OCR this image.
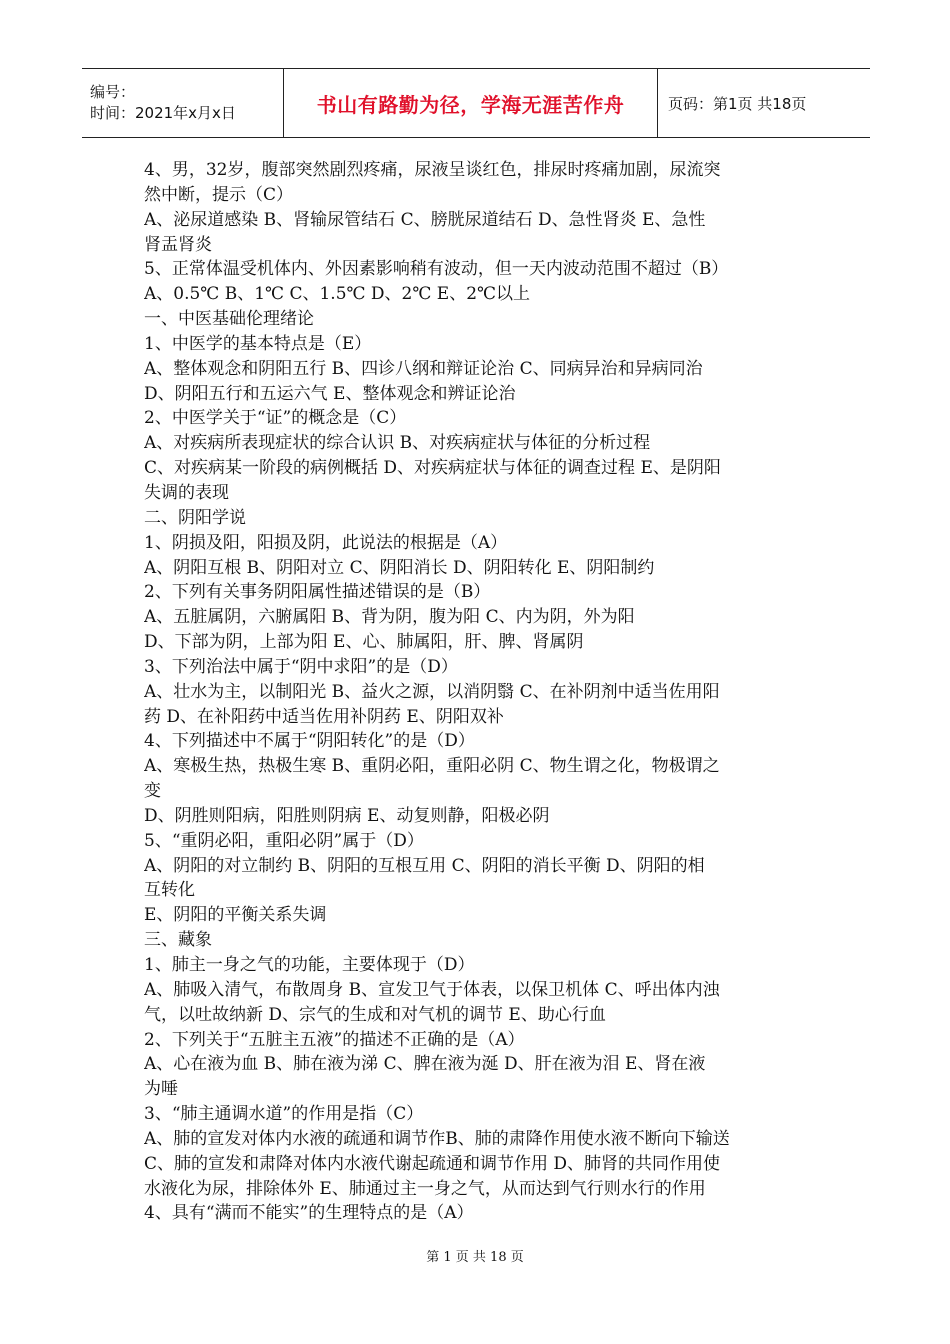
编号：
时间：2021年x月x日	书山有路勤为径，学海无涯苦作舟	页码：第1页 共18页
4、男，32岁，腹部突然剧烈疼痛，尿液呈谈红色，排尿时疼痛加剧，尿流突
然中断，提示（C）
A、泌尿道感染 B、肾输尿管结石 C、膀胱尿道结石 D、急性肾炎 E、急性
肾盂肾炎
5、正常体温受机体内、外因素影响稍有波动，但一天内波动范围不超过（B）
A、0.5℃ B、1℃ C、1.5℃ D、2℃ E、2℃以上
一、中医基础伦理绪论
1、中医学的基本特点是（E）
A、整体观念和阴阳五行 B、四诊八纲和辩证论治 C、同病异治和异病同治
D、阴阳五行和五运六气 E、整体观念和辨证论治
2、中医学关于“证”的概念是（C）
A、对疾病所表现症状的综合认识 B、对疾病症状与体征的分析过程
C、对疾病某一阶段的病例概括 D、对疾病症状与体征的调查过程 E、是阴阳
失调的表现
二、阴阳学说
1、阴损及阳，阳损及阴，此说法的根据是（A）
A、阴阳互根 B、阴阳对立 C、阴阳消长 D、阴阳转化 E、阴阳制约
2、下列有关事务阴阳属性描述错误的是（B）
A、五脏属阴，六腑属阳 B、背为阴，腹为阳 C、内为阴，外为阳
D、下部为阴，上部为阳 E、心、肺属阳，肝、脾、肾属阴
3、下列治法中属于“阴中求阳”的是（D）
A、壮水为主，以制阳光 B、益火之源，以消阴翳 C、在补阴剂中适当佐用阳
药 D、在补阳药中适当佐用补阴药 E、阴阳双补
4、下列描述中不属于“阴阳转化”的是（D）
A、寒极生热，热极生寒 B、重阴必阳，重阳必阴 C、物生谓之化，物极谓之
变
D、阴胜则阳病，阳胜则阴病 E、动复则静，阳极必阴
5、“重阴必阳，重阳必阴”属于（D）
A、阴阳的对立制约 B、阴阳的互根互用 C、阴阳的消长平衡 D、阴阳的相
互转化
E、阴阳的平衡关系失调
三、藏象
1、肺主一身之气的功能，主要体现于（D）
A、肺吸入清气，布散周身 B、宣发卫气于体表，以保卫机体 C、呼出体内浊
气，以吐故纳新 D、宗气的生成和对气机的调节 E、助心行血
2、下列关于“五脏主五液”的描述不正确的是（A）
A、心在液为血 B、肺在液为涕 C、脾在液为涎 D、肝在液为泪 E、肾在液
为唾
3、“肺主通调水道”的作用是指（C）
A、肺的宣发对体内水液的疏通和调节作B、肺的肃降作用使水液不断向下输送
C、肺的宣发和肃降对体内水液代谢起疏通和调节作用 D、肺肾的共同作用使
水液化为尿，排除体外 E、肺通过主一身之气，从而达到气行则水行的作用
4、具有“满而不能实”的生理特点的是（A）
第 1 页 共 18 页
